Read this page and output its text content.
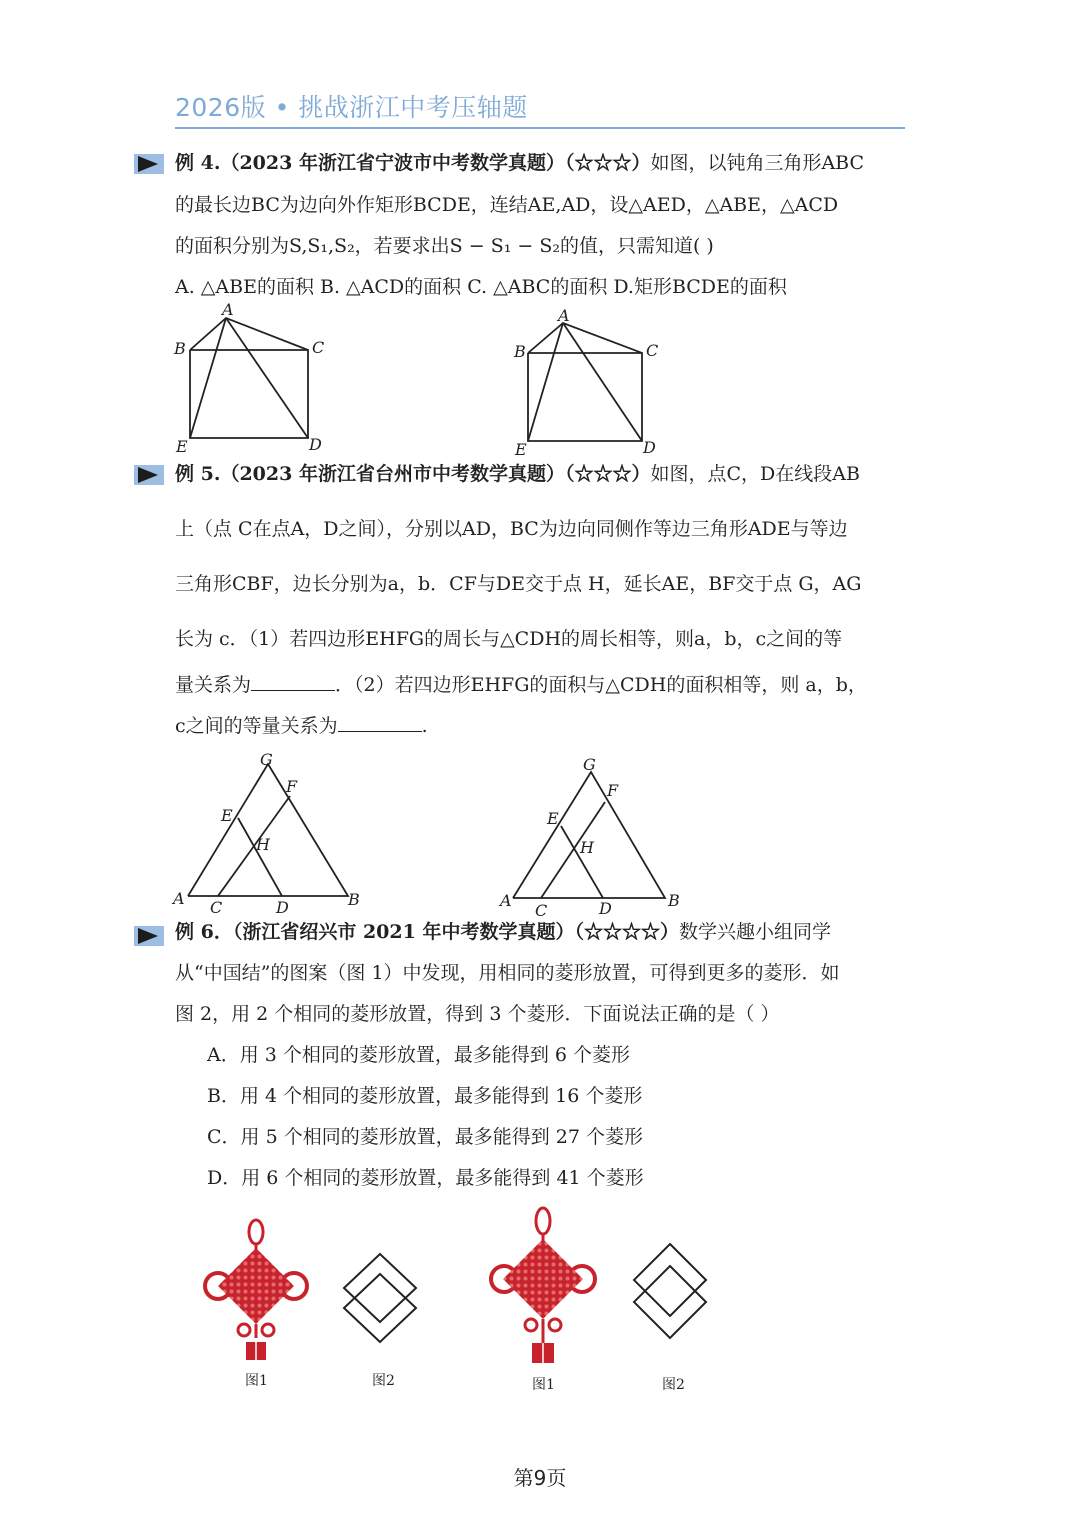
2026版 • 挑战浙江中考压轴题
例 4.（2023 年浙江省宁波市中考数学真题）（☆☆☆）如图，以钝角三角形ABC
的最长边BC为边向外作矩形BCDE，连结AE,AD，设△AED，△ABE，△ACD
的面积分别为S,S₁,S₂，若要求出S − S₁ − S₂的值，只需知道( )
A. △ABE的面积 B. △ACD的面积 C. △ABC的面积 D.矩形BCDE的面积
A
B	C
D
E
A
B	C
D
E
例 5.（2023 年浙江省台州市中考数学真题）（☆☆☆）如图，点C，D在线段AB
上（点 C在点A，D之间），分别以AD，BC为边向同侧作等边三角形ADE与等边
三角形CBF，边长分别为a，b．CF与DE交于点 H，延长AE，BF交于点 G，AG
长为 c．（1）若四边形EHFG的周长与△CDH的周长相等，则a，b，c之间的等
量关系为	．（2）若四边形EHFG的面积与△CDH的面积相等，则 a，b，
c之间的等量关系为	.
G
F
E
H
A C	D	B
G
F
E
H
A
C	D	B
例 6．（浙江省绍兴市 2021 年中考数学真题）（☆☆☆☆）数学兴趣小组同学
从“中国结”的图案（图 1）中发现，用相同的菱形放置，可得到更多的菱形．如
图 2，用 2 个相同的菱形放置，得到 3 个菱形．下面说法正确的是（ ）
A．用 3 个相同的菱形放置，最多能得到 6 个菱形
B．用 4 个相同的菱形放置，最多能得到 16 个菱形
C．用 5 个相同的菱形放置，最多能得到 27 个菱形
D．用 6 个相同的菱形放置，最多能得到 41 个菱形
图1	图2	图1	图2
第9页
